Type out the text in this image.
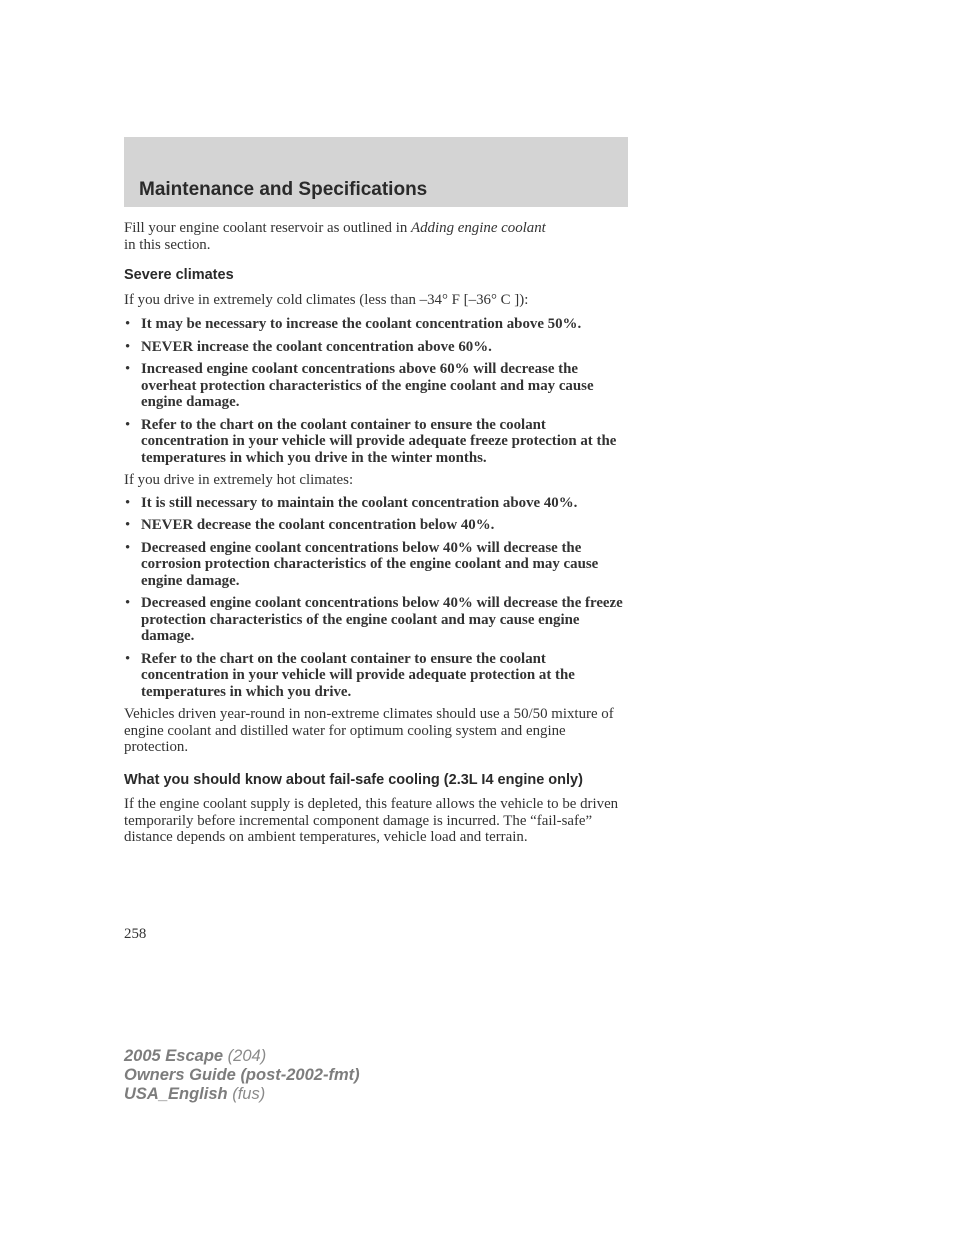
Maintenance and Specifications

Fill your engine coolant reservoir as outlined in Adding engine coolant
in this section.

Severe climates

If you drive in extremely cold climates (less than –34° F [–36° C ]):

• It may be necessary to increase the coolant concentration above 50%.
• NEVER increase the coolant concentration above 60%.
• Increased engine coolant concentrations above 60% will decrease the overheat protection characteristics of the engine coolant and may cause engine damage.
• Refer to the chart on the coolant container to ensure the coolant concentration in your vehicle will provide adequate freeze protection at the temperatures in which you drive in the winter months.

If you drive in extremely hot climates:

• It is still necessary to maintain the coolant concentration above 40%.
• NEVER decrease the coolant concentration below 40%.
• Decreased engine coolant concentrations below 40% will decrease the corrosion protection characteristics of the engine coolant and may cause engine damage.
• Decreased engine coolant concentrations below 40% will decrease the freeze protection characteristics of the engine coolant and may cause engine damage.
• Refer to the chart on the coolant container to ensure the coolant concentration in your vehicle will provide adequate protection at the temperatures in which you drive.

Vehicles driven year-round in non-extreme climates should use a 50/50 mixture of engine coolant and distilled water for optimum cooling system and engine protection.

What you should know about fail-safe cooling (2.3L I4 engine only)

If the engine coolant supply is depleted, this feature allows the vehicle to be driven temporarily before incremental component damage is incurred. The “fail-safe” distance depends on ambient temperatures, vehicle load and terrain.

258
2005 Escape (204)
Owners Guide (post-2002-fmt)
USA_English (fus)
